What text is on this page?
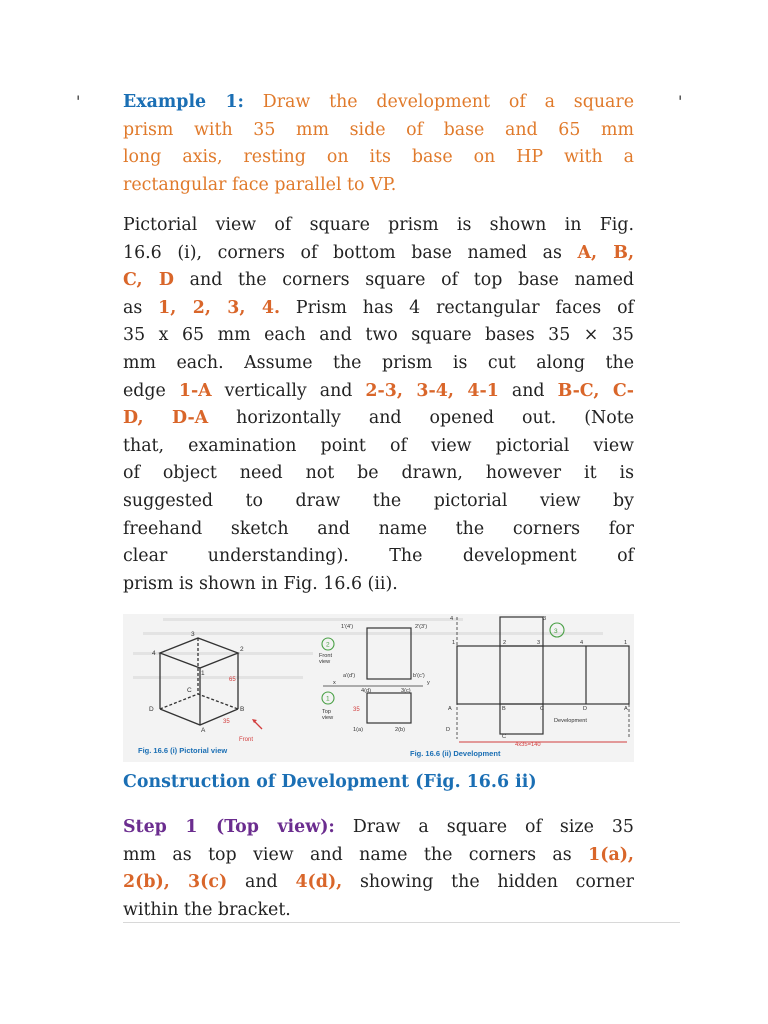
'	'
Example 1: Draw the development of a square
prism with 35 mm side of base and 65 mm
long axis, resting on its base on HP with a
rectangular face parallel to VP.
Pictorial view of square prism is shown in Fig.
16.6 (i), corners of bottom base named as A, B,
C, D and the corners square of top base named
as 1, 2, 3, 4. Prism has 4 rectangular faces of
35 x 65 mm each and two square bases 35 × 35
mm each. Assume the prism is cut along the
edge 1-A vertically and 2-3, 3-4, 4-1 and B-C, C-
D, D-A horizontally and opened out. (Note
that, examination point of view pictorial view
of object need not be drawn, however it is
suggested to draw the pictorial view by
freehand sketch and name the corners for
clear understanding). The development of
prism is shown in Fig. 16.6 (ii).
3
4
1
2
C
D	B
A
65
35
Front
Fig. 16.6 (i) Pictorial view
1'(4')	2'(3')
a'(d')	b'(c')
x	y
4(d)	3(c)
1(a)	2(b)
Front
view
Top
view
35
2
1
3
4	3
1	2	3	4	1
A	B	C	D	A
D
C
Development
4x35=140
Fig. 16.6 (ii) Development
Construction of Development (Fig. 16.6 ii)
Step 1 (Top view): Draw a square of size 35
mm as top view and name the corners as 1(a),
2(b), 3(c) and 4(d), showing the hidden corner
within the bracket.
